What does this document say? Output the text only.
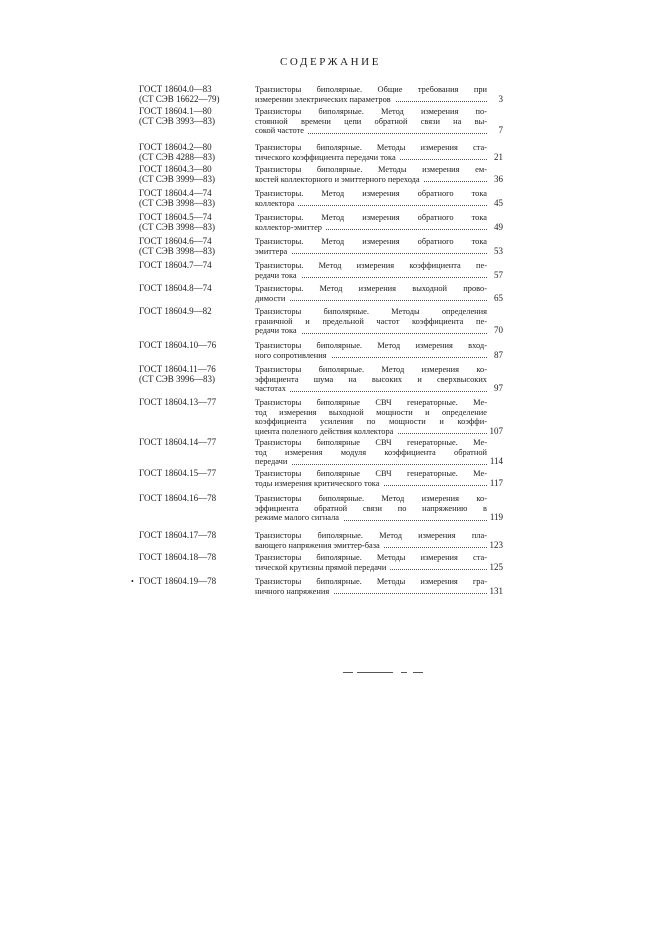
СОДЕРЖАНИЕ
ГОСТ 18604.0—83
(СТ СЭВ 16622—79)
Транзисторы биполярные. Общие требования при
измерении электрических параметров	3
ГОСТ 18604.1—80
(СТ СЭВ 3993—83)
Транзисторы биполярные. Метод измерения по-
стоянной времени цепи обратной связи на вы-
сокой частоте	7
ГОСТ 18604.2—80
(СТ СЭВ 4288—83)
Транзисторы биполярные. Методы измерения ста-
тического коэффициента передачи тока	21
ГОСТ 18604.3—80
(СТ СЭВ 3999—83)
Транзисторы биполярные. Методы измерения ем-
костей коллекторного и эмиттерного перехода	36
ГОСТ 18604.4—74
(СТ СЭВ 3998—83)
Транзисторы. Метод измерения обратного тока
коллектора	45
ГОСТ 18604.5—74
(СТ СЭВ 3998—83)
Транзисторы. Метод измерения обратного тока
коллектор-эмиттер	49
ГОСТ 18604.6—74
(СТ СЭВ 3998—83)
Транзисторы. Метод измерения обратного тока
эмиттера	53
ГОСТ 18604.7—74	Транзисторы. Метод измерения коэффициента пе-
редачи тока	57
ГОСТ 18604.8—74	Транзисторы. Метод измерения выходной прово-
димости	65
ГОСТ 18604.9—82	Транзисторы биполярные. Методы определения
граничной и предельной частот коэффициента пе-
редачи тока	70
ГОСТ 18604.10—76	Транзисторы биполярные. Метод измерения вход-
ного сопротивления	87
ГОСТ 18604.11—76
(СТ СЭВ 3996—83)
Транзисторы биполярные. Метод измерения ко-
эффициента шума на высоких и сверхвысоких
частотах	97
ГОСТ 18604.13—77	Транзисторы биполярные СВЧ генераторные. Ме-
тод измерения выходной мощности и определение
коэффициента усиления по мощности и коэффи-
циента полезного действия коллектора	107
ГОСТ 18604.14—77	Транзисторы биполярные СВЧ генераторные. Ме-
тод измерения модуля коэффициента обратной
передачи	114
ГОСТ 18604.15—77	Транзисторы биполярные СВЧ генераторные. Ме-
тоды измерения критического тока	117
ГОСТ 18604.16—78	Транзисторы биполярные. Метод измерения ко-
эффициента обратной связи по напряжению в
режиме малого сигнала	119
ГОСТ 18604.17—78	Транзисторы биполярные. Метод измерения пла-
вающего напряжения эмиттер-база	123
ГОСТ 18604.18—78	Транзисторы биполярные. Методы измерения ста-
тической крутизны прямой передачи	125
ГОСТ 18604.19—78	Транзисторы биполярные. Методы измерения гра-
ничного напряжения	131
•
